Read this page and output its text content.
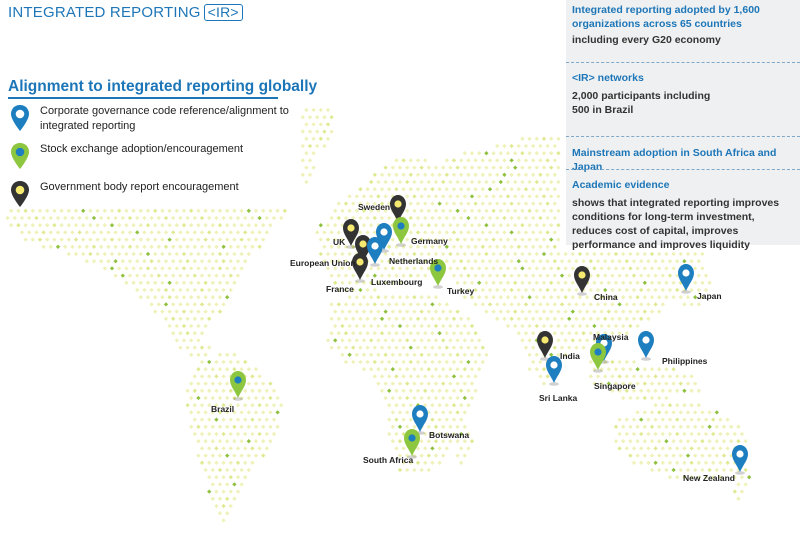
INTEGRATED REPORTING <IR>
Alignment to integrated reporting globally
Corporate governance code reference/alignment to integrated reporting
Stock exchange adoption/encouragement
Government body report encouragement
Integrated reporting adopted by 1,600 organizations across 65 countries
including every G20 economy
<IR> networks
2,000 participants including 500 in Brazil
Mainstream adoption in South Africa and Japan
Academic evidence
shows that integrated reporting improves conditions for long-term investment, reduces cost of capital, improves performance and improves liquidity
Sweden
UK	Germany
European Union	Netherlands
Luxembourg
France	Turkey
China	Japan
Malaysia
India	Philippines
Singapore
Sri Lanka
Brazil
Botswana
South Africa
New Zealand
